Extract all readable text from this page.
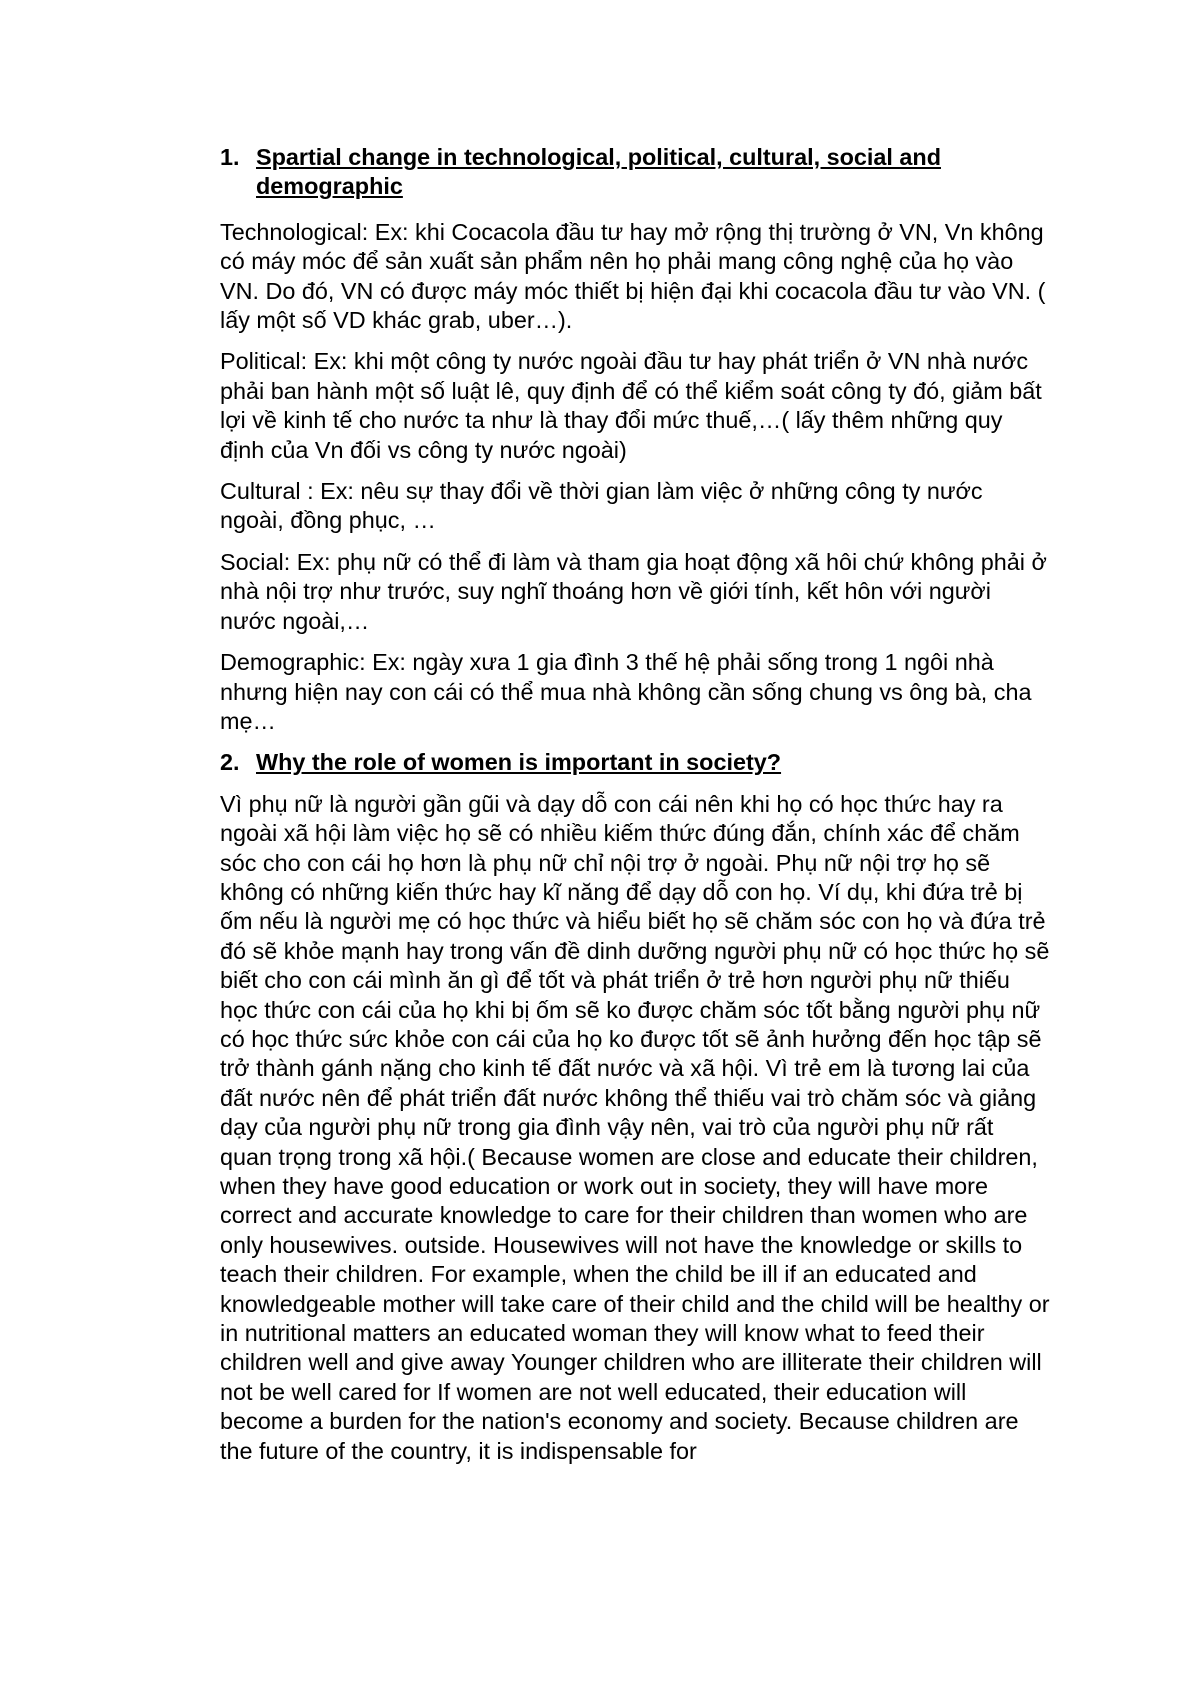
1. Spartial change in technological, political, cultural, social and demographic

Technological: Ex: khi Cocacola đầu tư hay mở rộng thị trường ở VN, Vn không có máy móc để sản xuất sản phẩm nên họ phải mang công nghệ của họ vào VN. Do đó, VN có được máy móc thiết bị hiện đại khi cocacola đầu tư vào VN. ( lấy một số VD khác grab, uber…).

Political: Ex: khi một công ty nước ngoài đầu tư hay phát triển ở VN nhà nước phải ban hành một số luật lê, quy định để có thể kiểm soát công ty đó, giảm bất lợi về kinh tế cho nước ta như là thay đổi mức thuế,…( lấy thêm những quy định của Vn đối vs công ty nước ngoài)

Cultural : Ex: nêu sự thay đổi về thời gian làm việc ở những công ty nước ngoài, đồng phục, …

Social: Ex: phụ nữ có thể đi làm và tham gia hoạt động xã hôi chứ không phải ở nhà nội trợ như trước, suy nghĩ thoáng hơn về giới tính, kết hôn với người nước ngoài,…

Demographic: Ex: ngày xưa 1 gia đình 3 thế hệ phải sống trong 1 ngôi nhà nhưng hiện nay con cái có thể mua nhà không cần sống chung vs ông bà, cha mẹ…

2. Why the role of women is important in society?

Vì phụ nữ là người gần gũi và dạy dỗ con cái nên khi họ có học thức hay ra ngoài xã hội làm việc họ sẽ có nhiều kiếm thức đúng đắn, chính xác để chăm sóc cho con cái họ hơn là phụ nữ chỉ nội trợ ở ngoài. Phụ nữ nội trợ họ sẽ không có những kiến thức hay kĩ năng để dạy dỗ con họ. Ví dụ, khi đứa trẻ bị ốm nếu là người mẹ có học thức và hiểu biết họ sẽ chăm sóc con họ và đứa trẻ đó sẽ khỏe mạnh hay trong vấn đề dinh dưỡng người phụ nữ có học thức họ sẽ biết cho con cái mình ăn gì để tốt và phát triển ở trẻ hơn người phụ nữ thiếu học thức con cái của họ khi bị ốm sẽ ko được chăm sóc tốt bằng người phụ nữ có học thức sức khỏe con cái của họ ko được tốt sẽ ảnh hưởng đến học tập sẽ trở thành gánh nặng cho kinh tế đất nước và xã hội. Vì trẻ em là tương lai của đất nước nên để phát triển đất nước không thể thiếu vai trò chăm sóc và giảng dạy của người phụ nữ trong gia đình vậy nên, vai trò của người phụ nữ rất quan trọng trong xã hội.( Because women are close and educate their children, when they have good education or work out in society, they will have more correct and accurate knowledge to care for their children than women who are only housewives. outside. Housewives will not have the knowledge or skills to teach their children. For example, when the child be ill if an educated and knowledgeable mother will take care of their child and the child will be healthy or in nutritional matters an educated woman they will know what to feed their children well and give away Younger children who are illiterate their children will not be well cared for If women are not well educated, their education will become a burden for the nation's economy and society. Because children are the future of the country, it is indispensable for
